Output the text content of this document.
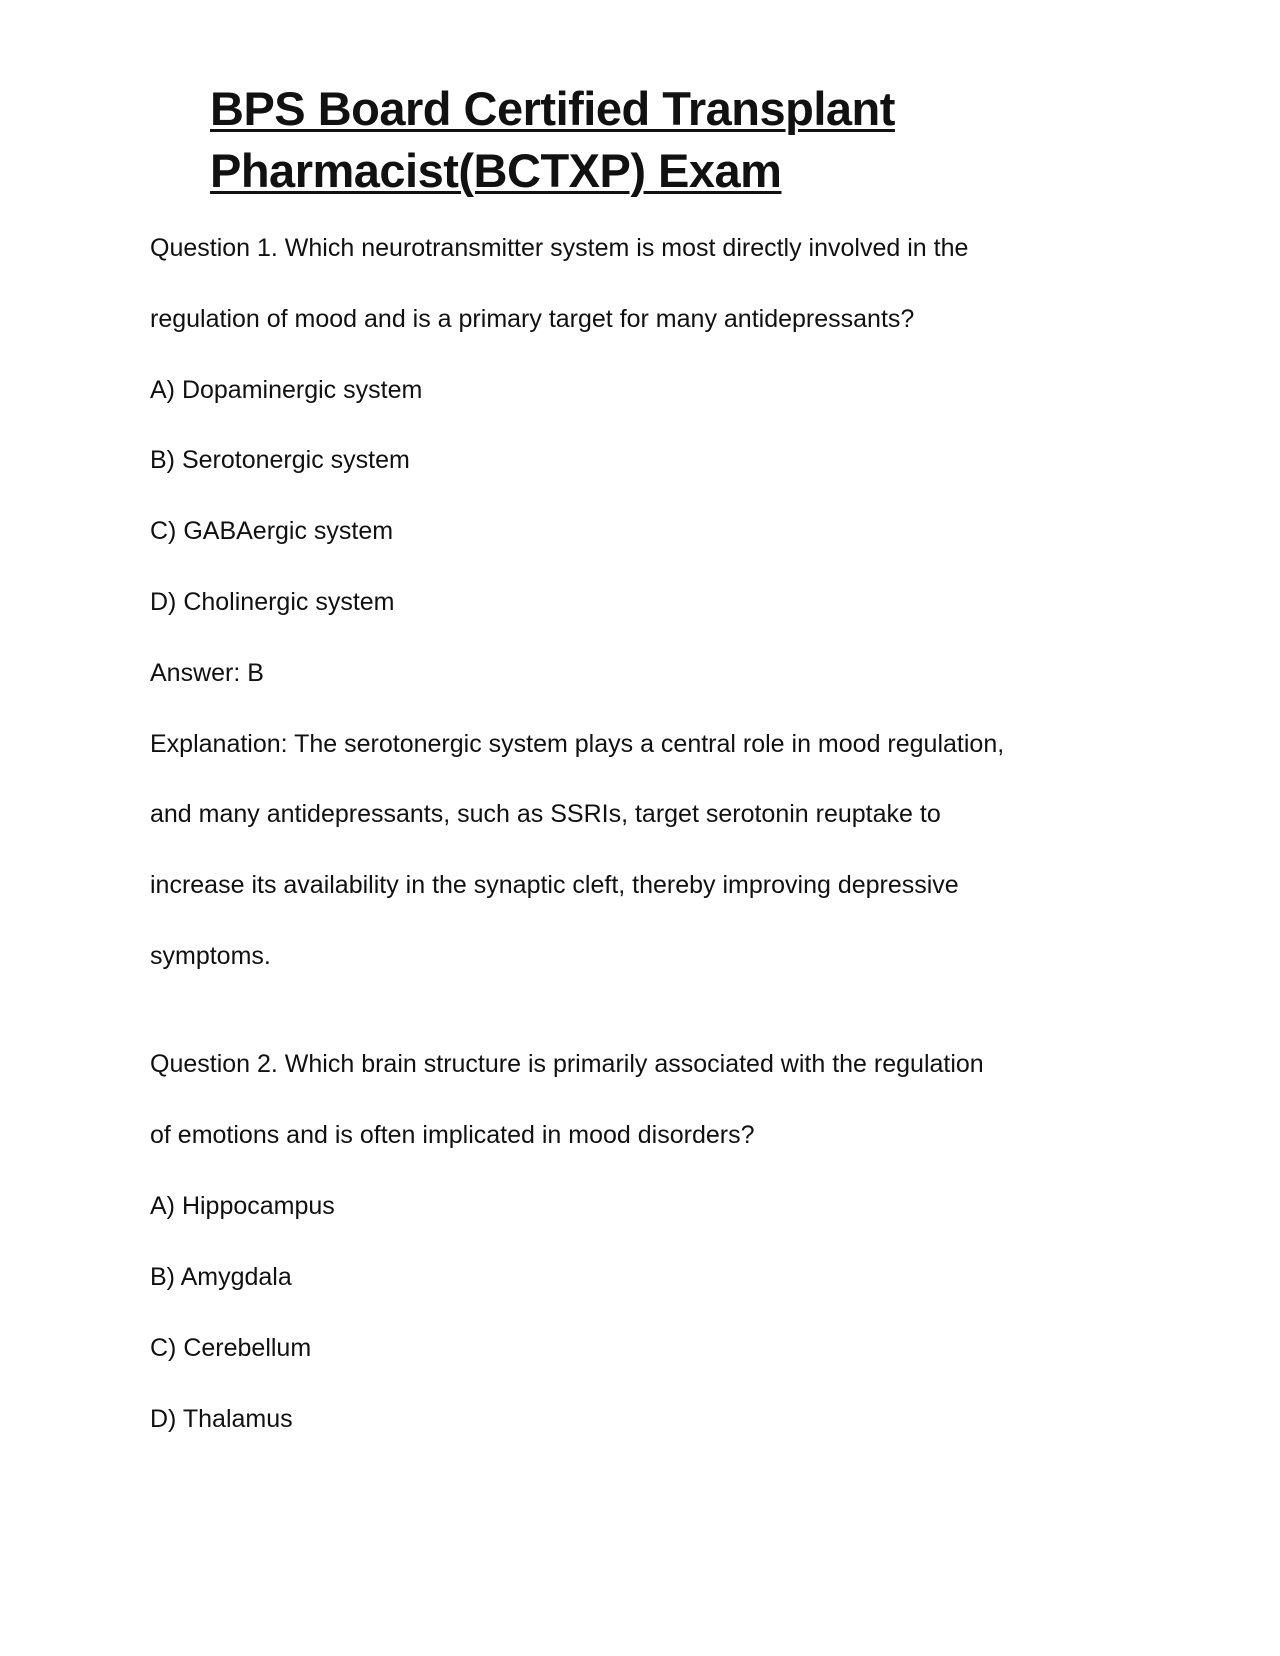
BPS Board Certified Transplant
Pharmacist(BCTXP) Exam

Question 1. Which neurotransmitter system is most directly involved in the

regulation of mood and is a primary target for many antidepressants?

A) Dopaminergic system

B) Serotonergic system

C) GABAergic system

D) Cholinergic system

Answer: B

Explanation: The serotonergic system plays a central role in mood regulation,

and many antidepressants, such as SSRIs, target serotonin reuptake to

increase its availability in the synaptic cleft, thereby improving depressive

symptoms.

Question 2. Which brain structure is primarily associated with the regulation

of emotions and is often implicated in mood disorders?

A) Hippocampus

B) Amygdala

C) Cerebellum

D) Thalamus
